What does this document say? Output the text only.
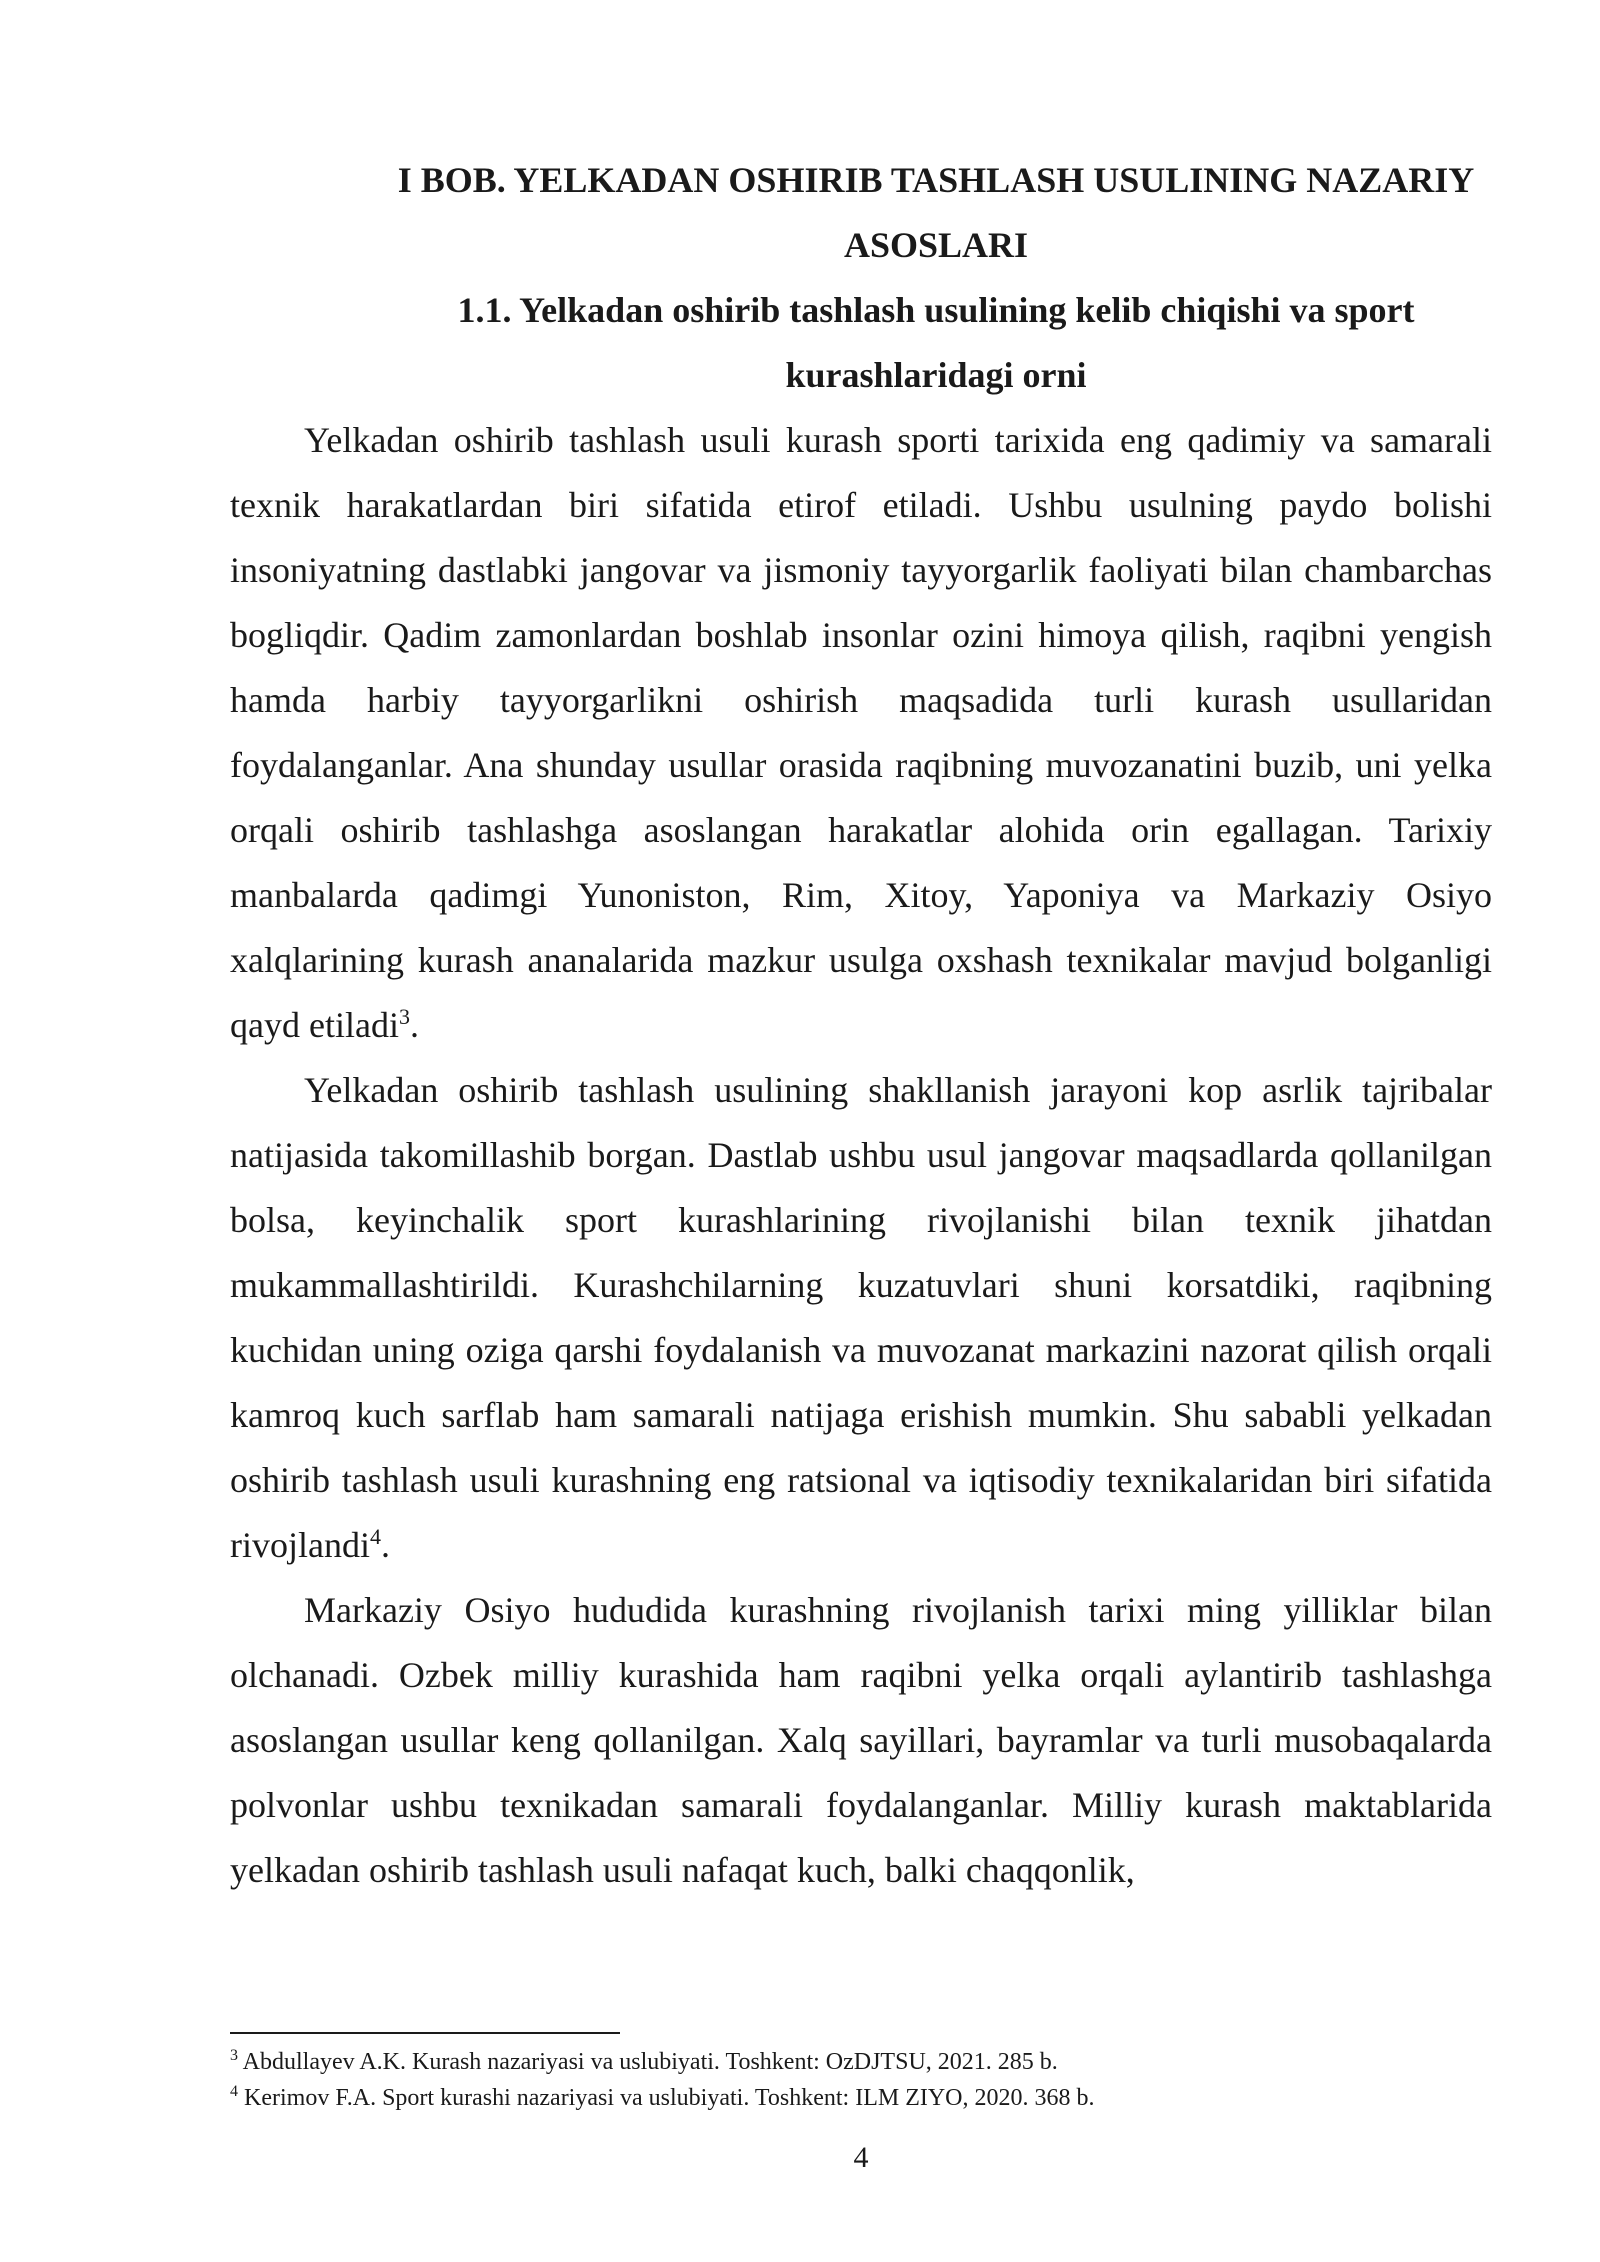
I BOB. YELKADAN OSHIRIB TASHLASH USULINING NAZARIY
ASOSLARI
1.1. Yelkadan oshirib tashlash usulining kelib chiqishi va sport
kurashlaridagi orni

Yelkadan oshirib tashlash usuli kurash sporti tarixida eng qadimiy va samarali texnik harakatlardan biri sifatida etirof etiladi. Ushbu usulning paydo bolishi insoniyatning dastlabki jangovar va jismoniy tayyorgarlik faoliyati bilan chambarchas bogliqdir. Qadim zamonlardan boshlab insonlar ozini himoya qilish, raqibni yengish hamda harbiy tayyorgarlikni oshirish maqsadida turli kurash usullaridan foydalanganlar. Ana shunday usullar orasida raqibning muvozanatini buzib, uni yelka orqali oshirib tashlashga asoslangan harakatlar alohida orin egallagan. Tarixiy manbalarda qadimgi Yunoniston, Rim, Xitoy, Yaponiya va Markaziy Osiyo xalqlarining kurash ananalarida mazkur usulga oxshash texnikalar mavjud bolganligi qayd etiladi$^3$.

Yelkadan oshirib tashlash usulining shakllanish jarayoni kop asrlik tajribalar natijasida takomillashib borgan. Dastlab ushbu usul jangovar maqsadlarda qollanilgan bolsa, keyinchalik sport kurashlarining rivojlanishi bilan texnik jihatdan mukammallashtirildi. Kurashchilarning kuzatuvlari shuni korsatdiki, raqibning kuchidan uning oziga qarshi foydalanish va muvozanat markazini nazorat qilish orqali kamroq kuch sarflab ham samarali natijaga erishish mumkin. Shu sababli yelkadan oshirib tashlash usuli kurashning eng ratsional va iqtisodiy texnikalaridan biri sifatida rivojlandi$^4$.

Markaziy Osiyo hududida kurashning rivojlanish tarixi ming yilliklar bilan olchanadi. Ozbek milliy kurashida ham raqibni yelka orqali aylantirib tashlashga asoslangan usullar keng qollanilgan. Xalq sayillari, bayramlar va turli musobaqalarda polvonlar ushbu texnikadan samarali foydalanganlar. Milliy kurash maktablarida yelkadan oshirib tashlash usuli nafaqat kuch, balki chaqqonlik,

$^3$ Abdullayev A.K. Kurash nazariyasi va uslubiyati. Toshkent: OzDJTSU, 2021. 285 b.

$^4$ Kerimov F.A. Sport kurashi nazariyasi va uslubiyati. Toshkent: ILM ZIYO, 2020. 368 b.

4
